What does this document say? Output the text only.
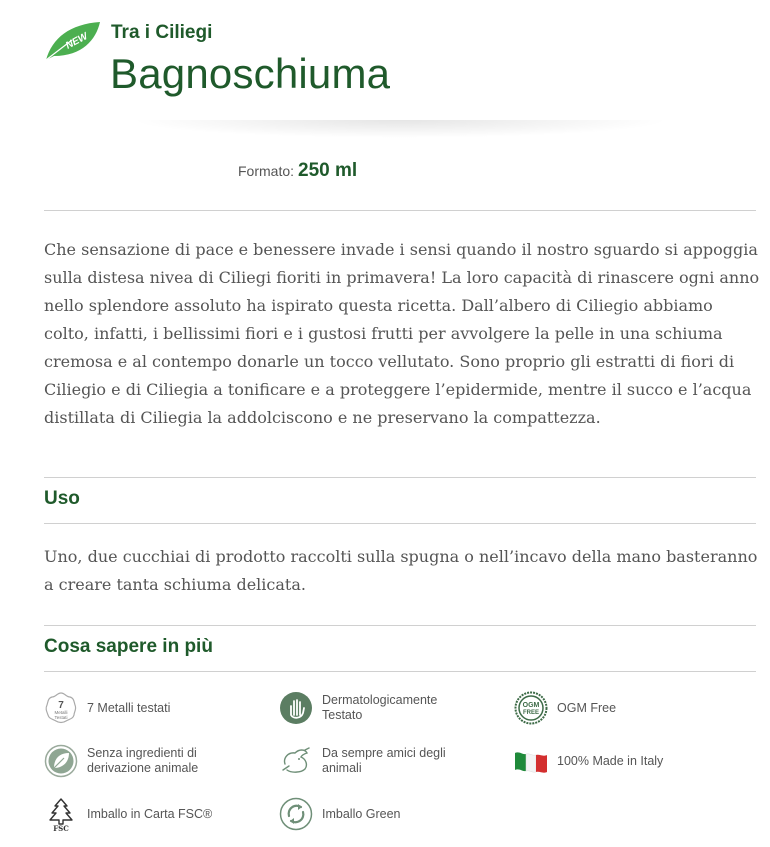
NEW Tra i Ciliegi
Bagnoschiuma
Formato: 250 ml

Che sensazione di pace e benessere invade i sensi quando il nostro sguardo si appoggia sulla distesa nivea di Ciliegi fioriti in primavera! La loro capacità di rinascere ogni anno nello splendore assoluto ha ispirato questa ricetta. Dall’albero di Ciliegio abbiamo colto, infatti, i bellissimi fiori e i gustosi frutti per avvolgere la pelle in una schiuma cremosa e al contempo donarle un tocco vellutato. Sono proprio gli estratti di fiori di Ciliegio e di Ciliegia a tonificare e a proteggere l’epidermide, mentre il succo e l’acqua distillata di Ciliegia la addolciscono e ne preservano la compattezza.

Uso

Uno, due cucchiai di prodotto raccolti sulla spugna o nell’incavo della mano basteranno a creare tanta schiuma delicata.

Cosa sapere in più
7
Metalli
Testati
7 Metalli testati
Dermatologicamente
Testato
OGM
FREE OGM Free
Senza ingredienti di
derivazione animale
Da sempre amici degli
animali
100% Made in Italy
FSC
Imballo in Carta FSC®	Imballo Green
